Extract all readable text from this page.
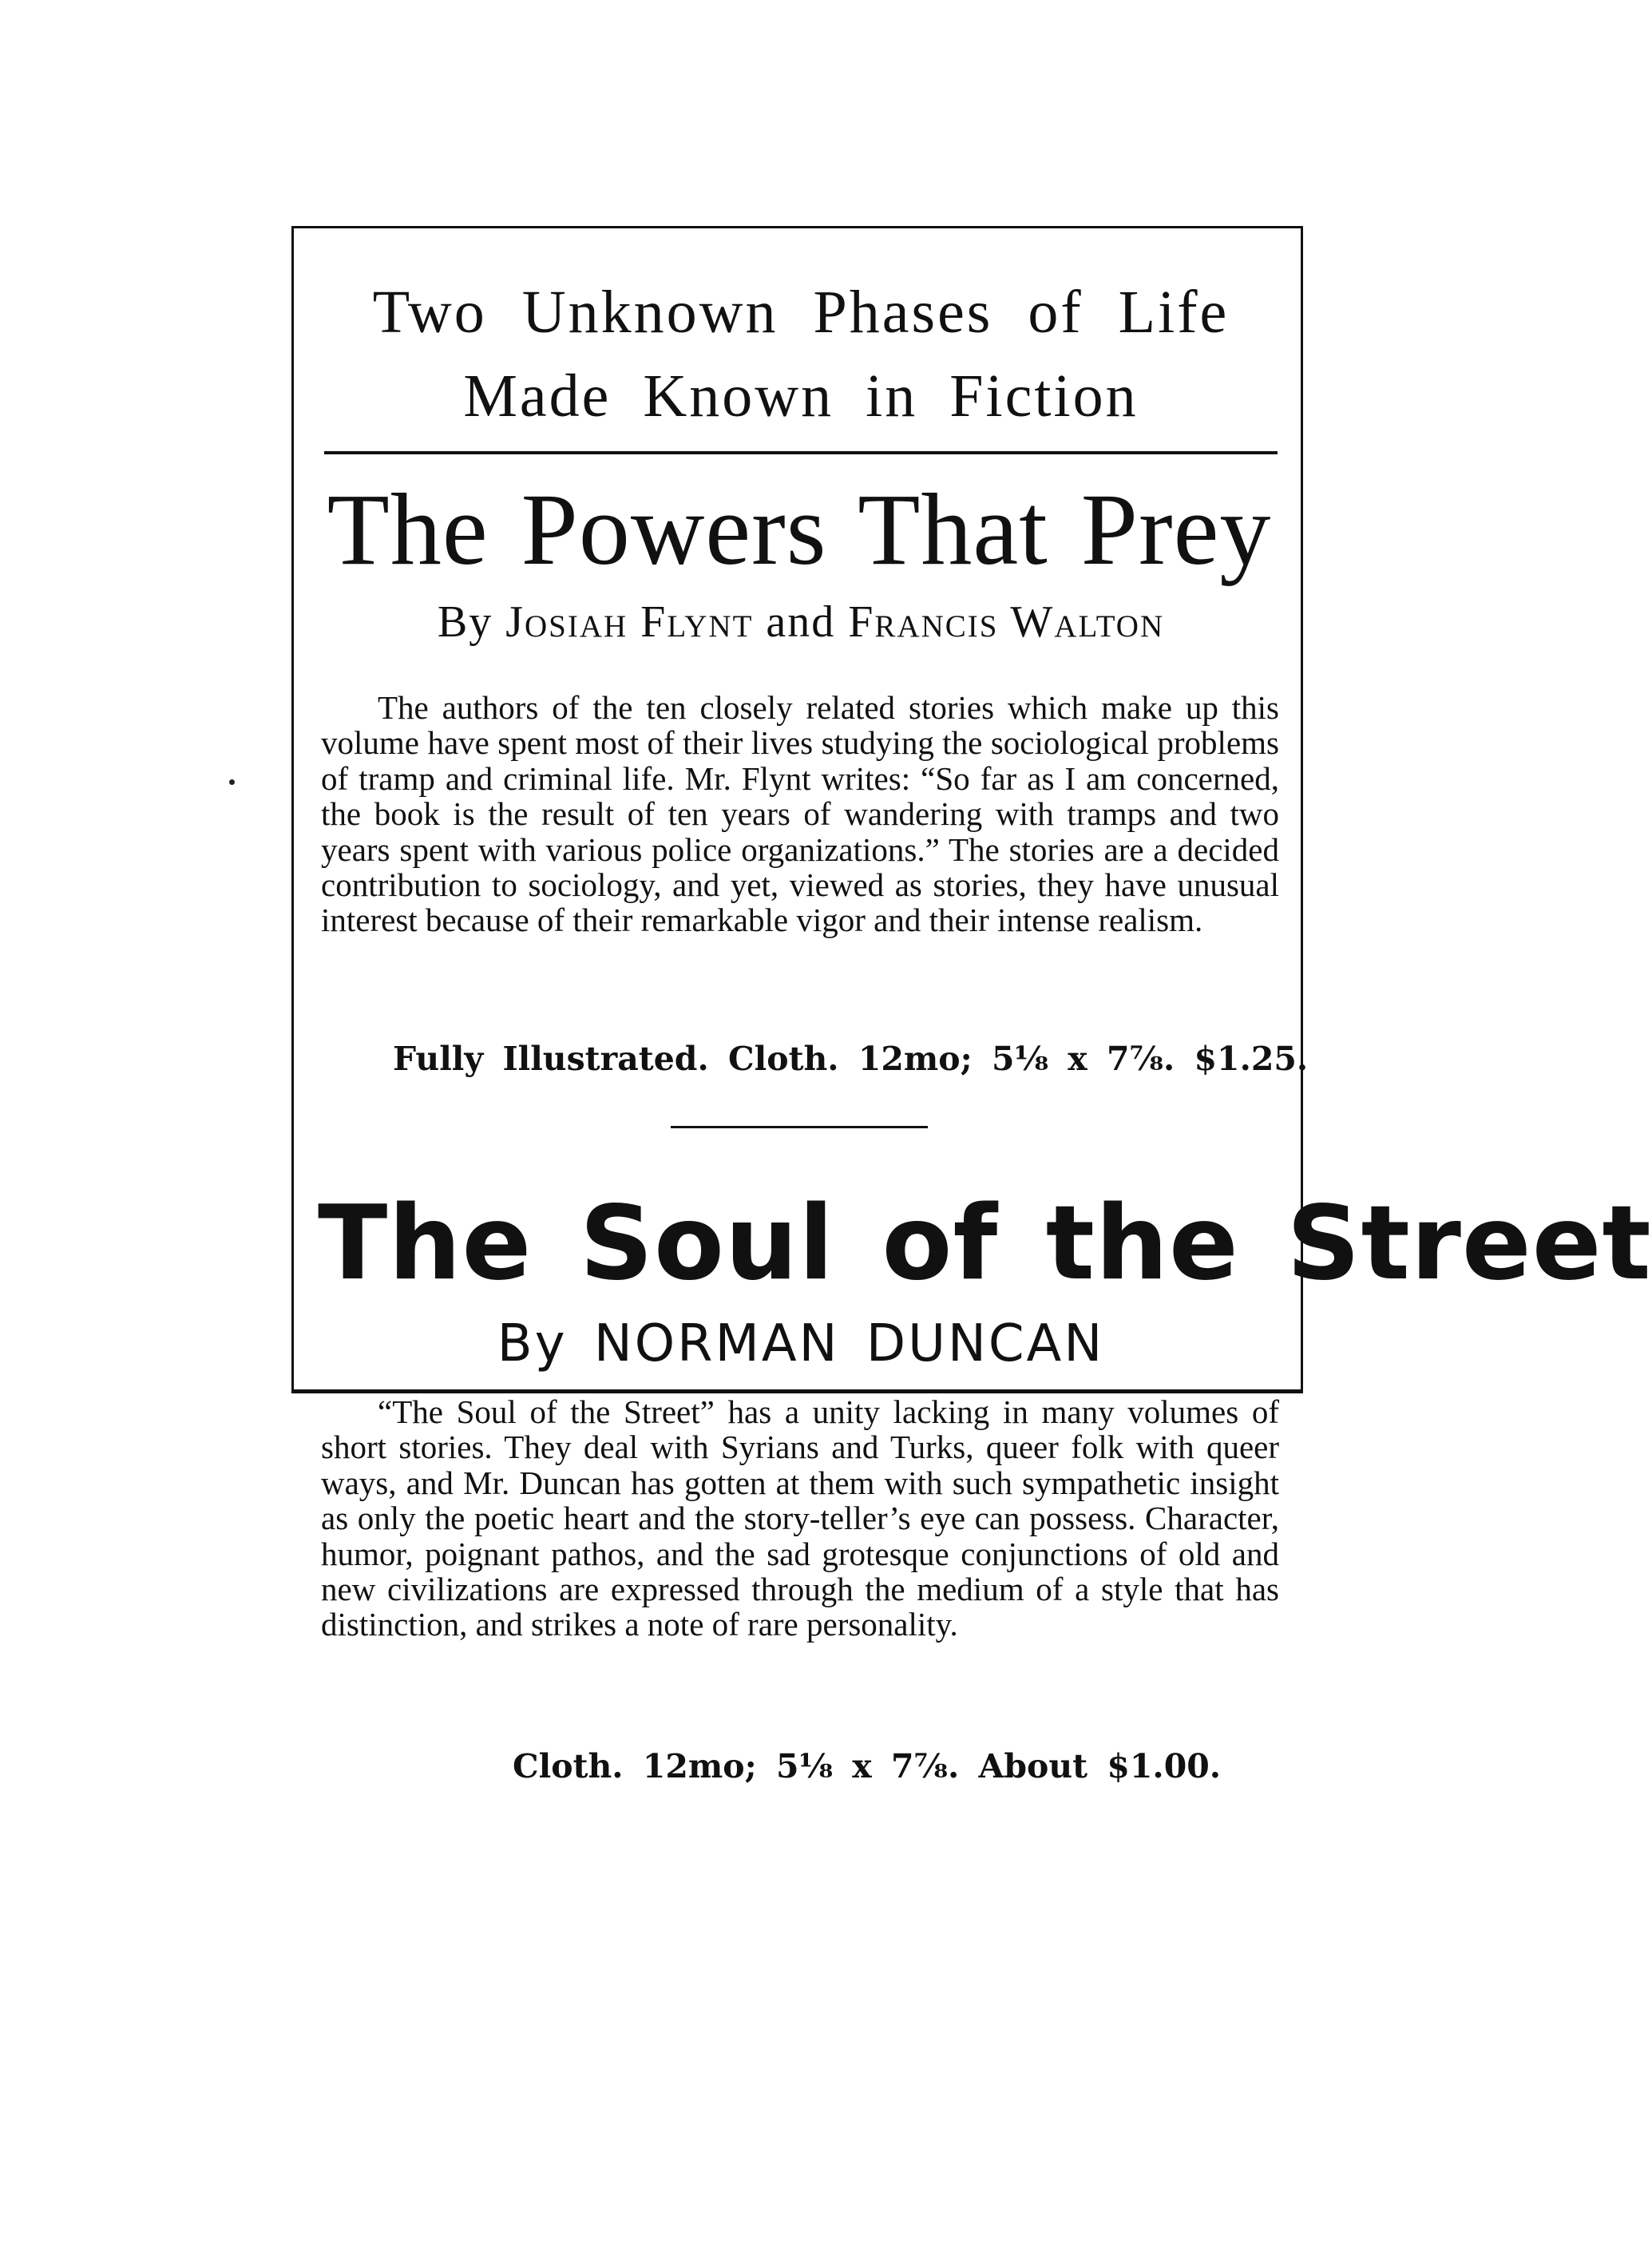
Two Unknown Phases of Life
Made Known in Fiction
The Powers That Prey
By Josiah Flynt and Francis Walton

The authors of the ten closely related stories which make up this volume have spent most of their lives studying the sociological problems of tramp and criminal life. Mr. Flynt writes: “So far as I am concerned, the book is the result of ten years of wandering with tramps and two years spent with various police organizations.” The stories are a decided contribution to sociology, and yet, viewed as stories, they have unusual interest because of their remarkable vigor and their intense realism.

Fully Illustrated. Cloth. 12mo; 5⅛ x 7⅞. $1.25.
The Soul of the Street
By NORMAN DUNCAN

“The Soul of the Street” has a unity lacking in many volumes of short stories. They deal with Syrians and Turks, queer folk with queer ways, and Mr. Duncan has gotten at them with such sympathetic insight as only the poetic heart and the story-teller’s eye can possess. Character, humor, poignant pathos, and the sad grotesque conjunctions of old and new civilizations are expressed through the medium of a style that has distinction, and strikes a note of rare personality.

Cloth. 12mo; 5⅛ x 7⅞. About $1.00.
